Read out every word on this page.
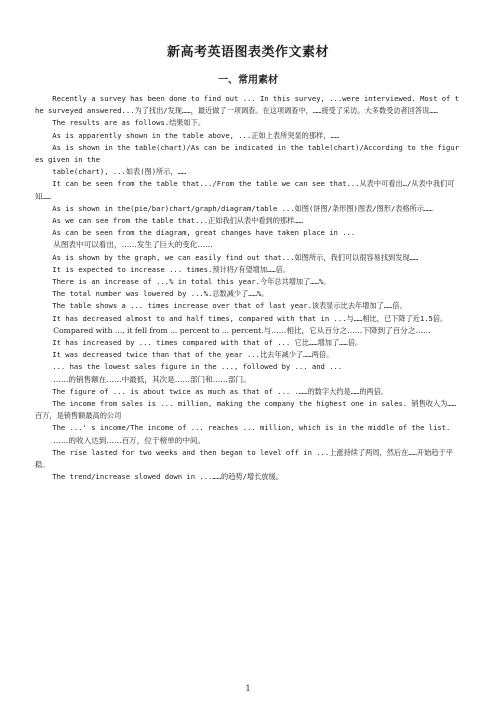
新高考英语图表类作文素材
一、常用素材

Recently a survey has been done to find out ... In this survey, ...were interviewed. Most of the surveyed answered...为了找出/发现……，最近做了一项调查。在这项调查中，……接受了采访。大多数受访者回答说……

The results are as follows.结果如下。

As is apparently shown in the table above, ...正如上表所突显的那样，……

As is shown in the table(chart)/As can be indicated in the table(chart)/According to the figures given in the

table(chart), ...如表(图)所示，……

It can be seen from the table that.../From the table we can see that...从表中可看出…/从表中我们可知……

As is shown in the(pie/bar)chart/graph/diagram/table ...如图(饼图/条形图)图表/图形/表格所示……

As we can see from the table that...正如我们从表中看到的那样……

As can be seen from the diagram, great changes have taken place in ...

从图表中可以看出，……发生了巨大的变化……

As is shown by the graph, we can easily find out that...如图所示，我们可以很容易找到发现……

It is expected to increase ... times.预计将/有望增加……倍。

There is an increase of ...% in total this year.今年总共增加了……%。

The total number was lowered by ...%.总数减少了……%。

The table shows a ... times increase over that of last year.该表显示比去年增加了……倍。

It has decreased almost to and half times, compared with that in ...与……相比，已下降了近1.5倍。

Compared with ..., it fell from ... percent to ... percent.与……相比，它从百分之……下降到了百分之……

It has increased by ... times compared with that of ... 它比……增加了……倍。

It was decreased twice than that of the year ...比去年减少了……两倍。

... has the lowest sales figure in the ..., followed by ... and ...

……的销售额在……中最低，其次是……部门和……部门。

The figure of ... is about twice as much as that of ... .……的数字大约是……的两倍。

The income from sales is ... million, making the company the highest one in sales. 销售收入为……百万，是销售额最高的公司

The ...' s income/The income of ... reaches ... million, which is in the middle of the list.

……的收入达到……百万，位于榜单的中间。

The rise lasted for two weeks and then began to level off in ...上涨持续了两周，然后在……开始趋于平稳。

The trend/increase slowed down in ...……的趋势/增长放缓。

1
